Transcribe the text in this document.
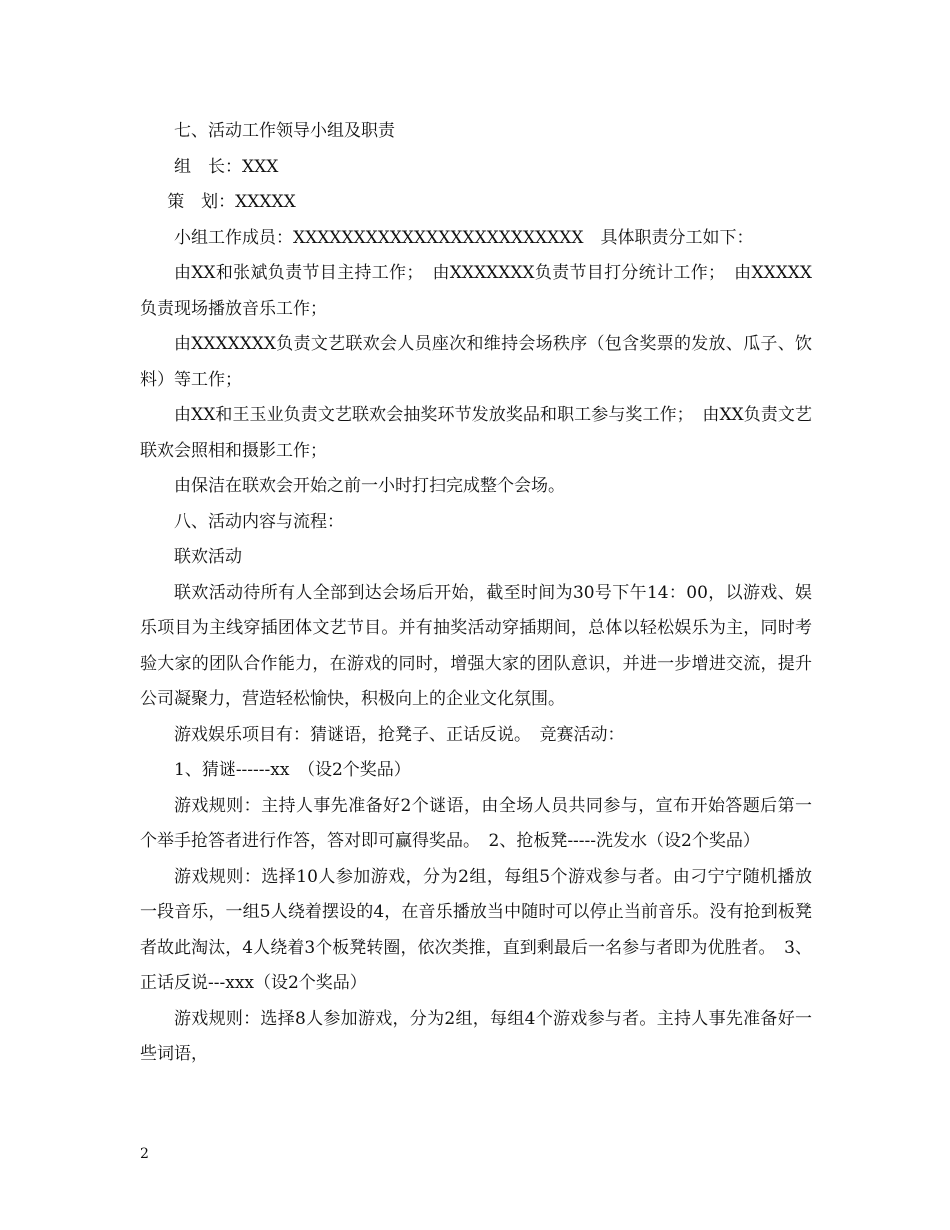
七、活动工作领导小组及职责

组　长：XXX

策　划：XXXXX

小组工作成员：XXXXXXXXXXXXXXXXXXXXXXXX　具体职责分工如下：

由XX和张斌负责节目主持工作；　由XXXXXXX负责节目打分统计工作；　由XXXXX负责现场播放音乐工作；

由XXXXXXX负责文艺联欢会人员座次和维持会场秩序（包含奖票的发放、瓜子、饮料）等工作；

由XX和王玉业负责文艺联欢会抽奖环节发放奖品和职工参与奖工作；　由XX负责文艺联欢会照相和摄影工作；

由保洁在联欢会开始之前一小时打扫完成整个会场。

八、活动内容与流程：

联欢活动

联欢活动待所有人全部到达会场后开始，截至时间为30号下午14：00，以游戏、娱乐项目为主线穿插团体文艺节目。并有抽奖活动穿插期间，总体以轻松娱乐为主，同时考验大家的团队合作能力，在游戏的同时，增强大家的团队意识，并进一步增进交流，提升公司凝聚力，营造轻松愉快，积极向上的企业文化氛围。

游戏娱乐项目有：猜谜语，抢凳子、正话反说。　竞赛活动：

1、猜谜------xx　（设2个奖品）

游戏规则：主持人事先准备好2个谜语，由全场人员共同参与，宣布开始答题后第一个举手抢答者进行作答，答对即可赢得奖品。　2、抢板凳-----洗发水（设2个奖品）

游戏规则：选择10人参加游戏，分为2组，每组5个游戏参与者。由刁宁宁随机播放一段音乐，一组5人绕着摆设的4，在音乐播放当中随时可以停止当前音乐。没有抢到板凳者故此淘汰，4人绕着3个板凳转圈，依次类推，直到剩最后一名参与者即为优胜者。　3、正话反说---xxx（设2个奖品）

游戏规则：选择8人参加游戏，分为2组，每组4个游戏参与者。主持人事先准备好一些词语，

2
